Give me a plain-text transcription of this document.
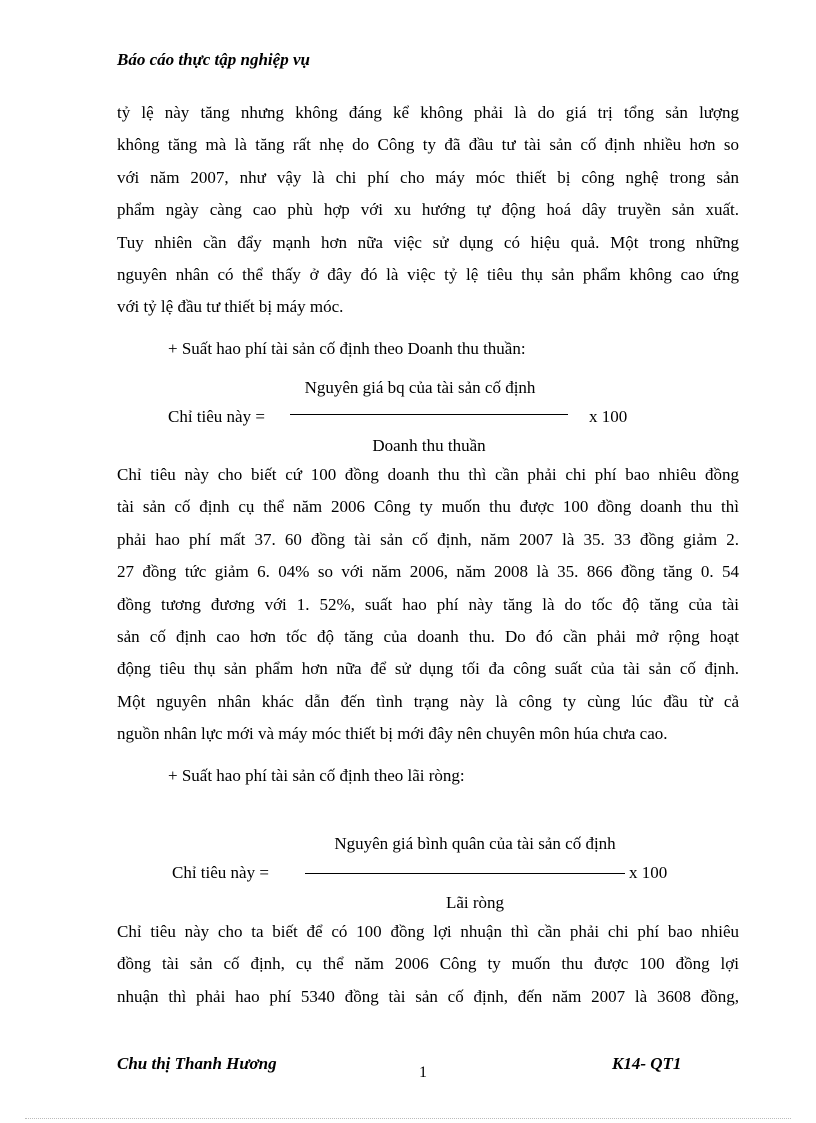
Báo cáo thực tập nghiệp vụ
tỷ lệ này tăng nhưng không đáng kể không phải là do giá trị tổng sản lượng
không tăng mà là tăng rất nhẹ do Công ty đã đầu tư tài sản cố định nhiều hơn so
với năm 2007, như vậy là chi phí cho máy móc thiết bị công nghệ trong sản
phẩm ngày càng cao phù hợp với xu hướng tự động hoá dây truyền sản xuất.
Tuy nhiên cần đẩy mạnh hơn nữa việc sử dụng có hiệu quả. Một trong những
nguyên nhân có thể thấy ở đây đó là việc tỷ lệ tiêu thụ sản phẩm không cao ứng
với tỷ lệ đầu tư thiết bị máy móc.
+ Suất hao phí tài sản cố định theo Doanh thu thuần:
Nguyên giá bq của tài sản cố định
Chỉ tiêu này =	x 100
Doanh thu thuần
Chỉ tiêu này cho biết cứ 100 đồng doanh thu thì cần phải chi phí bao nhiêu đồng
tài sản cố định cụ thể năm 2006 Công ty muốn thu được 100 đồng doanh thu thì
phải hao phí mất 37. 60 đồng tài sản cố định, năm 2007 là 35. 33 đồng giảm 2.
27 đồng tức giảm 6. 04% so với năm 2006, năm 2008 là 35. 866 đồng tăng 0. 54
đồng tương đương với 1. 52%, suất hao phí này tăng là do tốc độ tăng của tài
sản cố định cao hơn tốc độ tăng của doanh thu. Do đó cần phải mở rộng hoạt
động tiêu thụ sản phẩm hơn nữa để sử dụng tối đa công suất của tài sản cố định.
Một nguyên nhân khác dẫn đến tình trạng này là công ty cùng lúc đầu từ cả
nguồn nhân lực mới và máy móc thiết bị mới đây nên chuyên môn húa chưa cao.
+ Suất hao phí tài sản cố định theo lãi ròng:
Nguyên giá bình quân của tài sản cố định
Chỉ tiêu này =	x 100
Lãi ròng
Chỉ tiêu này cho ta biết để có 100 đồng lợi nhuận thì cần phải chi phí bao nhiêu
đồng tài sản cố định, cụ thể năm 2006 Công ty muốn thu được 100 đồng lợi
nhuận thì phải hao phí 5340 đồng tài sản cố định, đến năm 2007 là 3608 đồng,
Chu thị Thanh Hương	1	K14- QT1
